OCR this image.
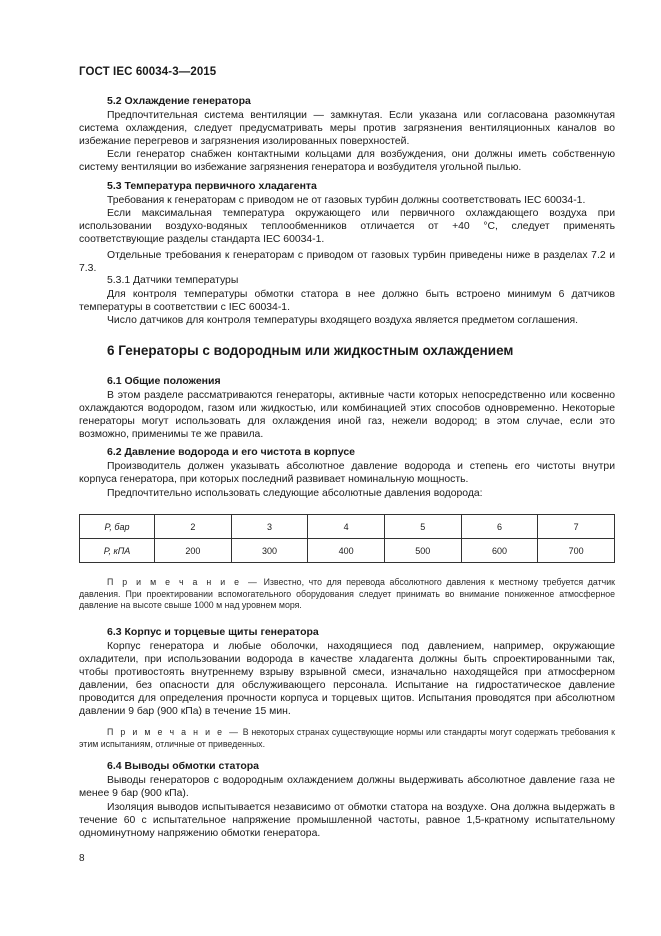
ГОСТ IEC 60034-3—2015
5.2 Охлаждение генератора
Предпочтительная система вентиляции — замкнутая. Если указана или согласована разомкнутая система охлаждения, следует предусматривать меры против загрязнения вентиляционных каналов во избежание перегревов и загрязнения изолированных поверхностей.
Если генератор снабжен контактными кольцами для возбуждения, они должны иметь собственную систему вентиляции во избежание загрязнения генератора и возбудителя угольной пылью.
5.3 Температура первичного хладагента
Требования к генераторам с приводом не от газовых турбин должны соответствовать IEC 60034-1.
Если максимальная температура окружающего или первичного охлаждающего воздуха при использовании воздухо-водяных теплообменников отличается от +40 °С, следует применять соответствующие разделы стандарта IEC 60034-1.
Отдельные требования к генераторам с приводом от газовых турбин приведены ниже в разделах 7.2 и 7.3.
5.3.1 Датчики температуры
Для контроля температуры обмотки статора в нее должно быть встроено минимум 6 датчиков температуры в соответствии с IEC 60034-1.
Число датчиков для контроля температуры входящего воздуха является предметом соглашения.
6 Генераторы с водородным или жидкостным охлаждением
6.1 Общие положения
В этом разделе рассматриваются генераторы, активные части которых непосредственно или косвенно охлаждаются водородом, газом или жидкостью, или комбинацией этих способов одновременно. Некоторые генераторы могут использовать для охлаждения иной газ, нежели водород; в этом случае, если это возможно, применимы те же правила.
6.2 Давление водорода и его чистота в корпусе
Производитель должен указывать абсолютное давление водорода и степень его чистоты внутри корпуса генератора, при которых последний развивает номинальную мощность.
Предпочтительно использовать следующие абсолютные давления водорода:
P, бар	2	3	4	5	6	7
P, кПА	200	300	400	500	600	700
П р и м е ч а н и е — Известно, что для перевода абсолютного давления к местному требуется датчик давления. При проектировании вспомогательного оборудования следует принимать во внимание пониженное атмосферное давление на высоте свыше 1000 м над уровнем моря.
6.3 Корпус и торцевые щиты генератора
Корпус генератора и любые оболочки, находящиеся под давлением, например, окружающие охладители, при использовании водорода в качестве хладагента должны быть спроектированными так, чтобы противостоять внутреннему взрыву взрывной смеси, изначально находящейся при атмосферном давлении, без опасности для обслуживающего персонала. Испытание на гидростатическое давление проводится для определения прочности корпуса и торцевых щитов. Испытания проводятся при абсолютном давлении 9 бар (900 кПа) в течение 15 мин.
П р и м е ч а н и е — В некоторых странах существующие нормы или стандарты могут содержать требования к этим испытаниям, отличные от приведенных.
6.4 Выводы обмотки статора
Выводы генераторов с водородным охлаждением должны выдерживать абсолютное давление газа не менее 9 бар (900 кПа).
Изоляция выводов испытывается независимо от обмотки статора на воздухе. Она должна выдержать в течение 60 с испытательное напряжение промышленной частоты, равное 1,5-кратному испытательному одноминутному напряжению обмотки генератора.
8
